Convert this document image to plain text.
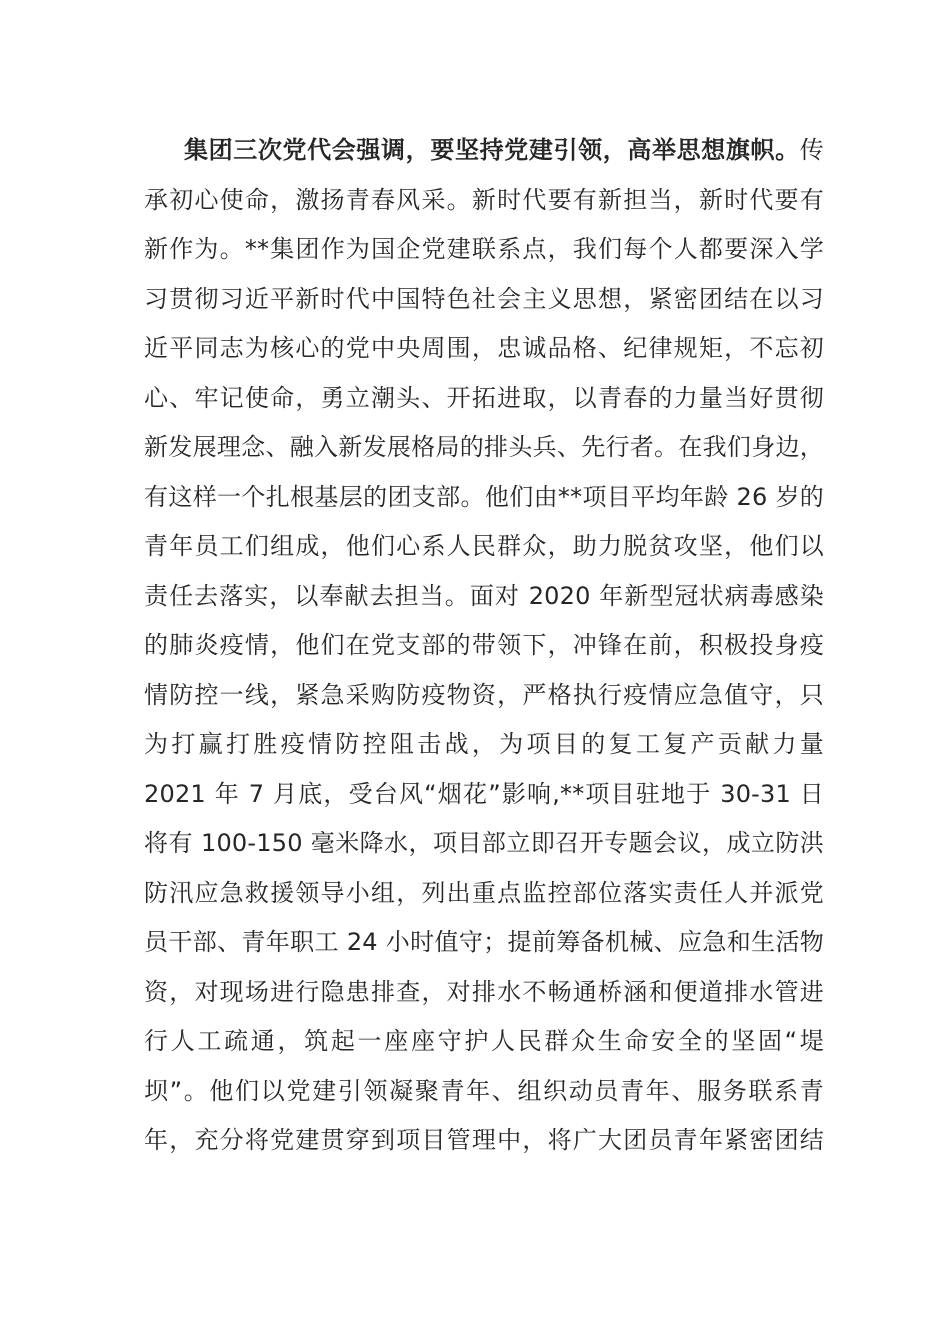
集团三次党代会强调，要坚持党建引领，高举思想旗帜。传
承初心使命，激扬青春风采。新时代要有新担当，新时代要有
新作为。**集团作为国企党建联系点，我们每个人都要深入学
习贯彻习近平新时代中国特色社会主义思想，紧密团结在以习
近平同志为核心的党中央周围，忠诚品格、纪律规矩，不忘初
心、牢记使命，勇立潮头、开拓进取，以青春的力量当好贯彻
新发展理念、融入新发展格局的排头兵、先行者。在我们身边，
有这样一个扎根基层的团支部。他们由**项目平均年龄 26 岁的
青年员工们组成，他们心系人民群众，助力脱贫攻坚，他们以
责任去落实，以奉献去担当。面对 2020 年新型冠状病毒感染
的肺炎疫情，他们在党支部的带领下，冲锋在前，积极投身疫
情防控一线，紧急采购防疫物资，严格执行疫情应急值守，只
为打赢打胜疫情防控阻击战，为项目的复工复产贡献力量
2021 年 7 月底，受台风“烟花”影响,**项目驻地于 30-31 日
将有 100-150 毫米降水，项目部立即召开专题会议，成立防洪
防汛应急救援领导小组，列出重点监控部位落实责任人并派党
员干部、青年职工 24 小时值守；提前筹备机械、应急和生活物
资，对现场进行隐患排查，对排水不畅通桥涵和便道排水管进
行人工疏通，筑起一座座守护人民群众生命安全的坚固“堤
坝”。他们以党建引领凝聚青年、组织动员青年、服务联系青
年，充分将党建贯穿到项目管理中，将广大团员青年紧密团结
